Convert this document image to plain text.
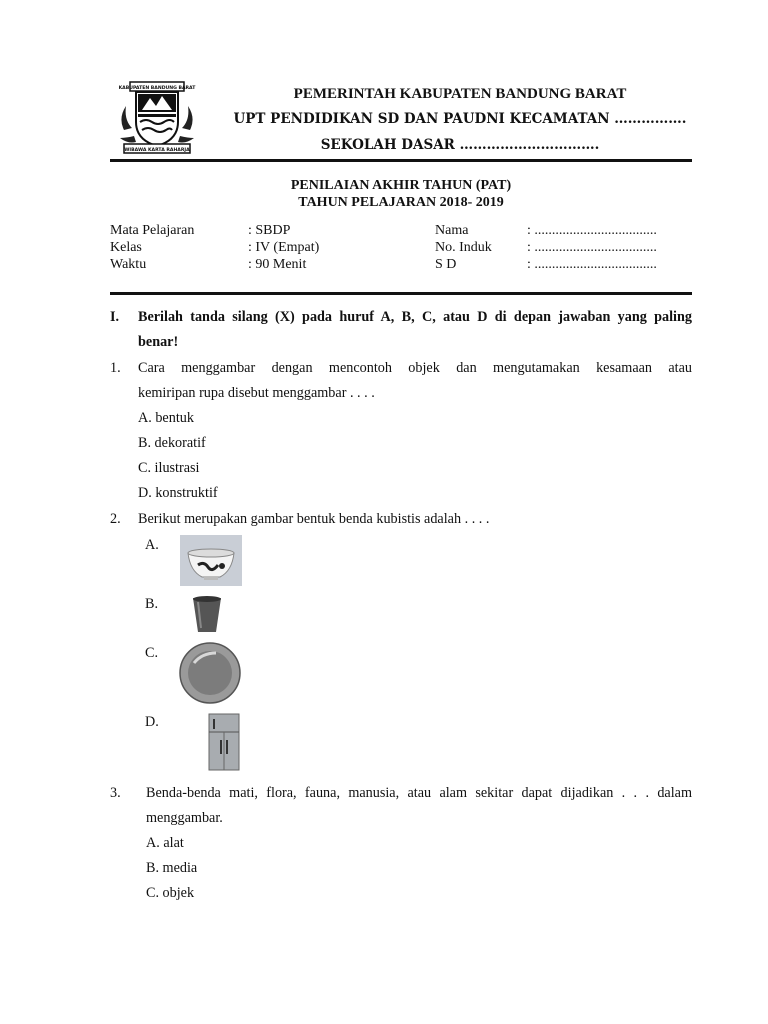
KABUPATEN BANDUNG BARAT
WIBAWA KARTA RAHARJA
PEMERINTAH KABUPATEN BANDUNG BARAT
UPT PENDIDIKAN SD DAN PAUDNI KECAMATAN …………….
SEKOLAH DASAR ………………………….
PENILAIAN AKHIR TAHUN (PAT)
TAHUN PELAJARAN 2018- 2019
Mata Pelajaran
Kelas
Waktu
: SBDP
: IV (Empat)
: 90 Menit
Nama
No. Induk
S D
: ...................................
: ...................................
: ...................................
I. Berilah tanda silang (X) pada huruf A, B, C, atau D di depan jawaban yang paling
benar!
1. Cara menggambar dengan mencontoh objek dan mengutamakan kesamaan atau
kemiripan rupa disebut menggambar . . . .
A. bentuk
B. dekoratif
C. ilustrasi
D. konstruktif
2. Berikut merupakan gambar bentuk benda kubistis adalah . . . .
A.
B.
C.
D.
3. Benda-benda mati, flora, fauna, manusia, atau alam sekitar dapat dijadikan . . . dalam
menggambar.
A. alat
B. media
C. objek
